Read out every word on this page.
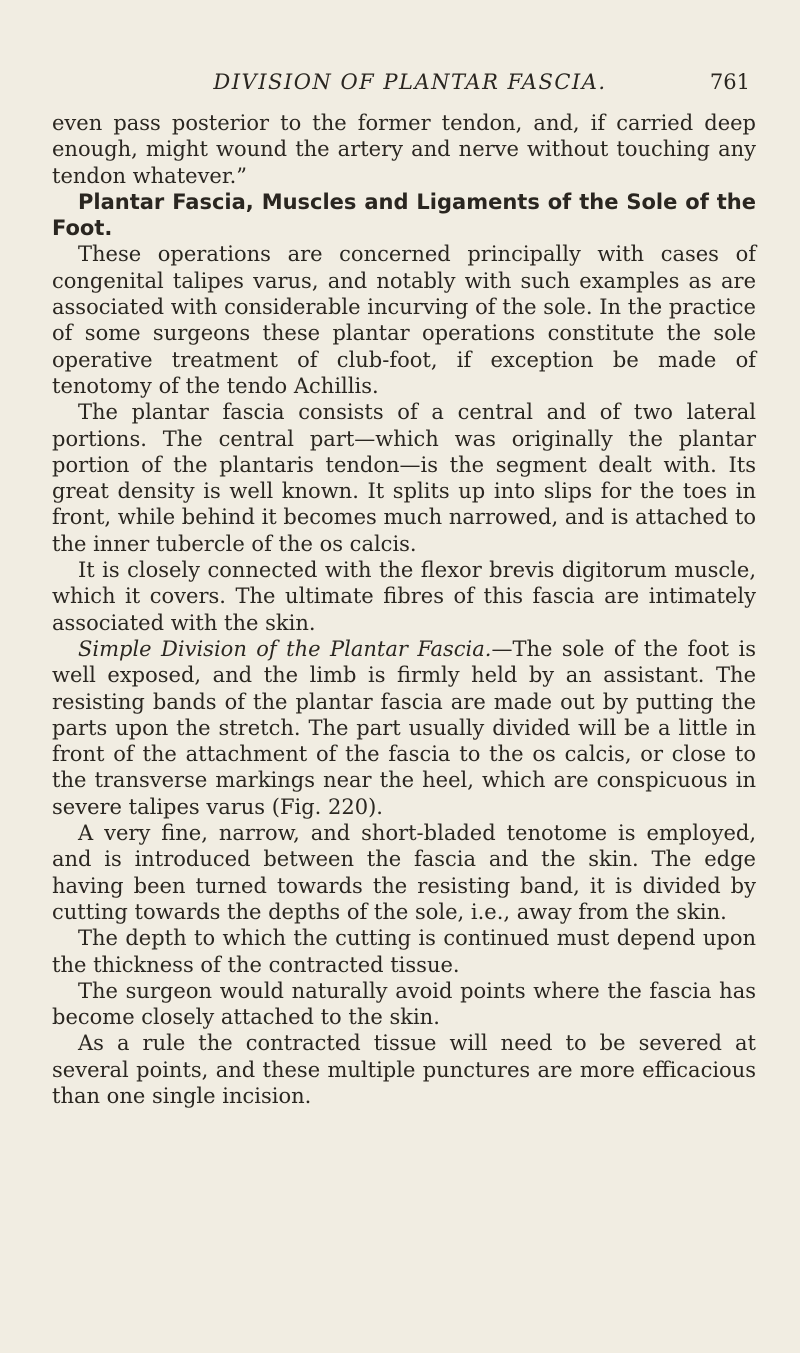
DIVISION OF PLANTAR FASCIA.	761

even pass posterior to the former tendon, and, if carried deep enough, might wound the artery and nerve without touching any tendon whatever.”

Plantar Fascia, Muscles and Ligaments of the Sole of the Foot.

These operations are concerned principally with cases of congenital talipes varus, and notably with such examples as are associated with considerable incurving of the sole. In the practice of some surgeons these plantar operations constitute the sole operative treatment of club-foot, if exception be made of tenotomy of the tendo Achillis.

The plantar fascia consists of a central and of two lateral portions. The central part—which was originally the plantar portion of the plantaris tendon—is the segment dealt with. Its great density is well known. It splits up into slips for the toes in front, while behind it becomes much narrowed, and is attached to the inner tubercle of the os calcis.

It is closely connected with the flexor brevis digitorum muscle, which it covers. The ultimate fibres of this fascia are intimately associated with the skin.

Simple Division of the Plantar Fascia.—The sole of the foot is well exposed, and the limb is firmly held by an assistant. The resisting bands of the plantar fascia are made out by putting the parts upon the stretch. The part usually divided will be a little in front of the attachment of the fascia to the os calcis, or close to the transverse markings near the heel, which are conspicuous in severe talipes varus (Fig. 220).

A very fine, narrow, and short-bladed tenotome is employed, and is introduced between the fascia and the skin. The edge having been turned towards the resisting band, it is divided by cutting towards the depths of the sole, i.e., away from the skin.

The depth to which the cutting is continued must depend upon the thickness of the contracted tissue.

The surgeon would naturally avoid points where the fascia has become closely attached to the skin.

As a rule the contracted tissue will need to be severed at several points, and these multiple punctures are more efficacious than one single incision.
